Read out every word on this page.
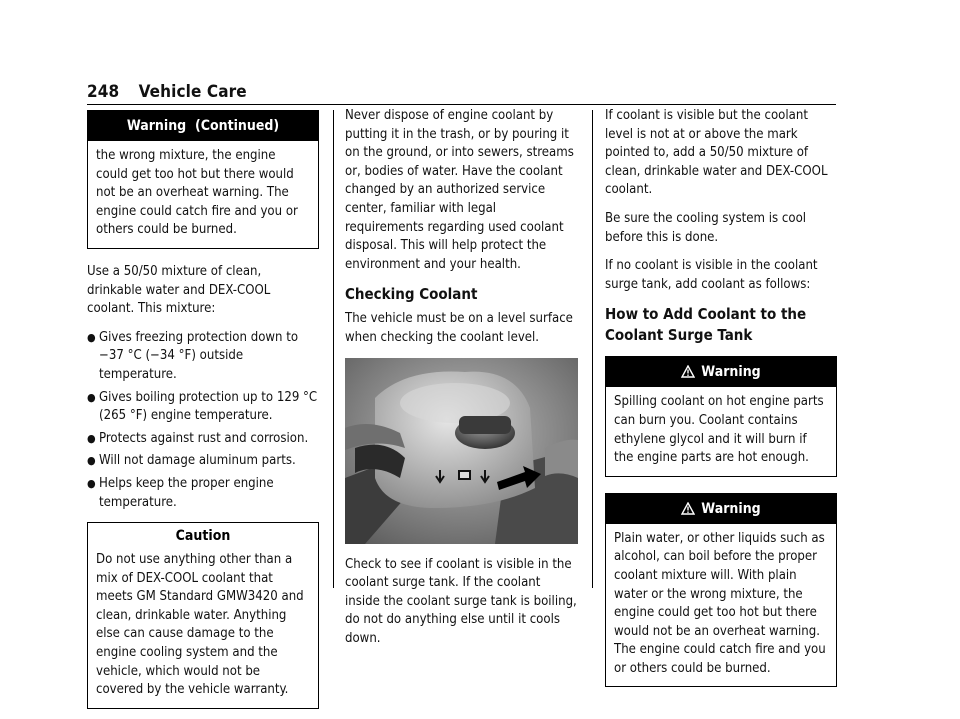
248 Vehicle Care
Warning  (Continued)
the wrong mixture, the engine could get too hot but there would not be an overheat warning. The engine could catch fire and you or others could be burned.

Use a 50/50 mixture of clean, drinkable water and DEX-COOL coolant. This mixture:

● Gives freezing protection down to −37 °C (−34 °F) outside temperature.
● Gives boiling protection up to 129 °C (265 °F) engine temperature.
● Protects against rust and corrosion.
● Will not damage aluminum parts.
● Helps keep the proper engine temperature.
Caution
Do not use anything other than a mix of DEX-COOL coolant that meets GM Standard GMW3420 and clean, drinkable water. Anything else can cause damage to the engine cooling system and the vehicle, which would not be covered by the vehicle warranty.

Never dispose of engine coolant by putting it in the trash, or by pouring it on the ground, or into sewers, streams or, bodies of water. Have the coolant changed by an authorized service center, familiar with legal requirements regarding used coolant disposal. This will help protect the environment and your health.

Checking Coolant

The vehicle must be on a level surface when checking the coolant level.

Check to see if coolant is visible in the coolant surge tank. If the coolant inside the coolant surge tank is boiling, do not do anything else until it cools down.

If coolant is visible but the coolant level is not at or above the mark pointed to, add a 50/50 mixture of clean, drinkable water and DEX-COOL coolant.

Be sure the cooling system is cool before this is done.

If no coolant is visible in the coolant surge tank, add coolant as follows:

How to Add Coolant to the Coolant Surge Tank
Warning
Spilling coolant on hot engine parts can burn you. Coolant contains ethylene glycol and it will burn if the engine parts are hot enough.
Warning
Plain water, or other liquids such as alcohol, can boil before the proper coolant mixture will. With plain water or the wrong mixture, the engine could get too hot but there would not be an overheat warning. The engine could catch fire and you or others could be burned.
